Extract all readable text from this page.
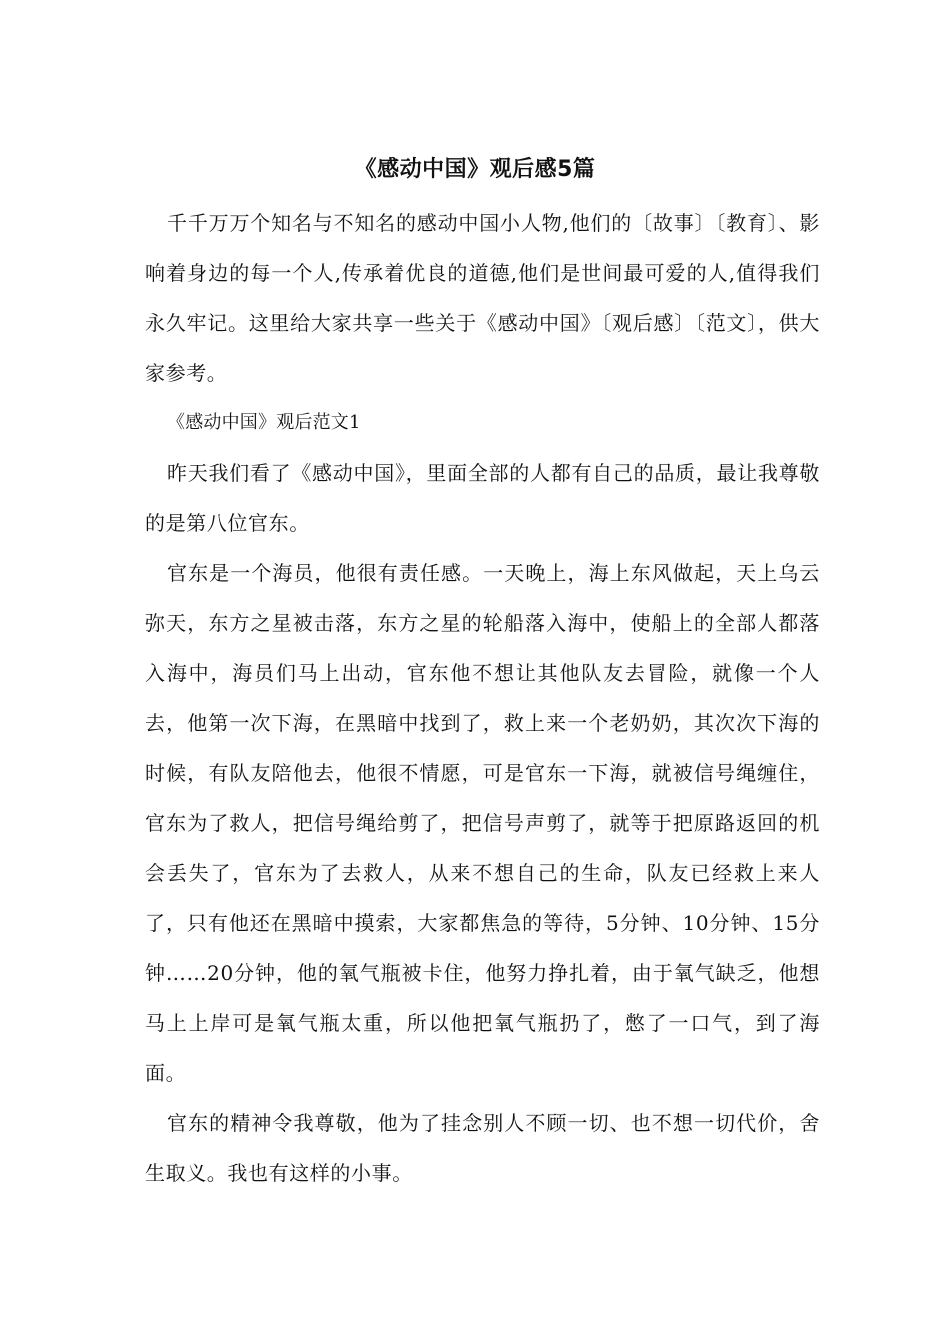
《感动中国》观后感5篇

千千万万个知名与不知名的感动中国小人物,他们的〔故事〕〔教育〕、影响着身边的每一个人,传承着优良的道德,他们是世间最可爱的人,值得我们永久牢记。这里给大家共享一些关于《感动中国》〔观后感〕〔范文〕，供大家参考。

《感动中国》观后范文1

昨天我们看了《感动中国》，里面全部的人都有自己的品质，最让我尊敬的是第八位官东。

官东是一个海员，他很有责任感。一天晚上，海上东风做起，天上乌云弥天，东方之星被击落，东方之星的轮船落入海中，使船上的全部人都落入海中，海员们马上出动，官东他不想让其他队友去冒险，就像一个人去，他第一次下海，在黑暗中找到了，救上来一个老奶奶，其次次下海的时候，有队友陪他去，他很不情愿，可是官东一下海，就被信号绳缠住，官东为了救人，把信号绳给剪了，把信号声剪了，就等于把原路返回的机会丢失了，官东为了去救人，从来不想自己的生命，队友已经救上来人了，只有他还在黑暗中摸索，大家都焦急的等待，5分钟、10分钟、15分钟……20分钟，他的氧气瓶被卡住，他努力挣扎着，由于氧气缺乏，他想马上上岸可是氧气瓶太重，所以他把氧气瓶扔了，憋了一口气，到了海面。

官东的精神令我尊敬，他为了挂念别人不顾一切、也不想一切代价，舍生取义。我也有这样的小事。
